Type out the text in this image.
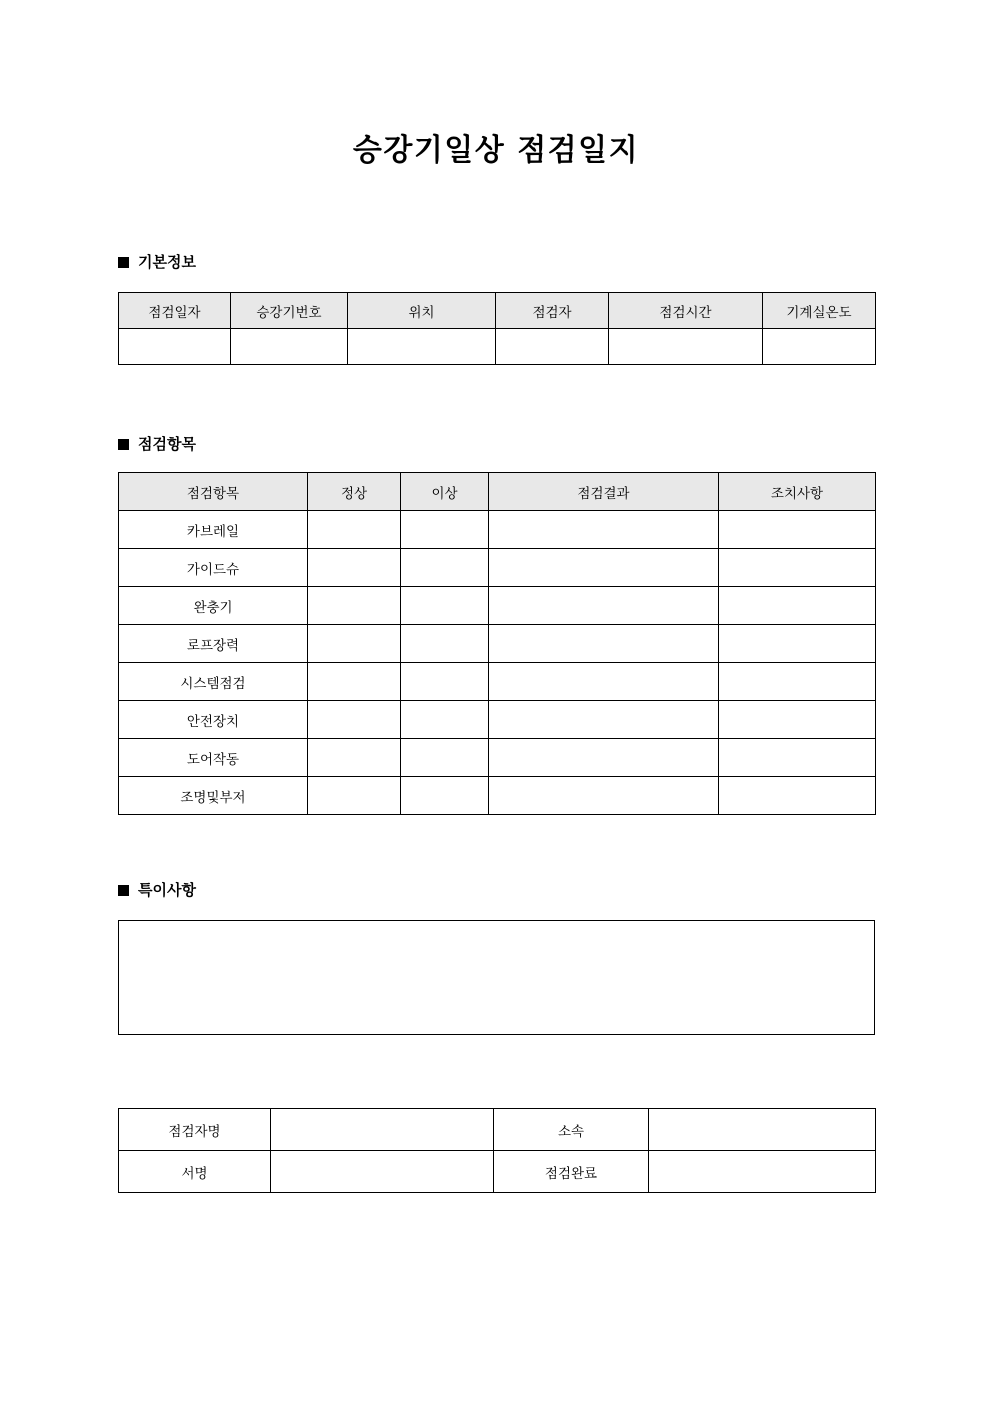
승강기일상 점검일지
기본정보
점검일자	승강기번호	위치	점검자	점검시간	기계실온도

점검항목
점검항목	정상	이상	점검결과	조치사항
카브레일				
가이드슈				
완충기				
로프장력				
시스템점검				
안전장치				
도어작동				
조명및부저				
특이사항
점검자명		소속	
서명		점검완료	
